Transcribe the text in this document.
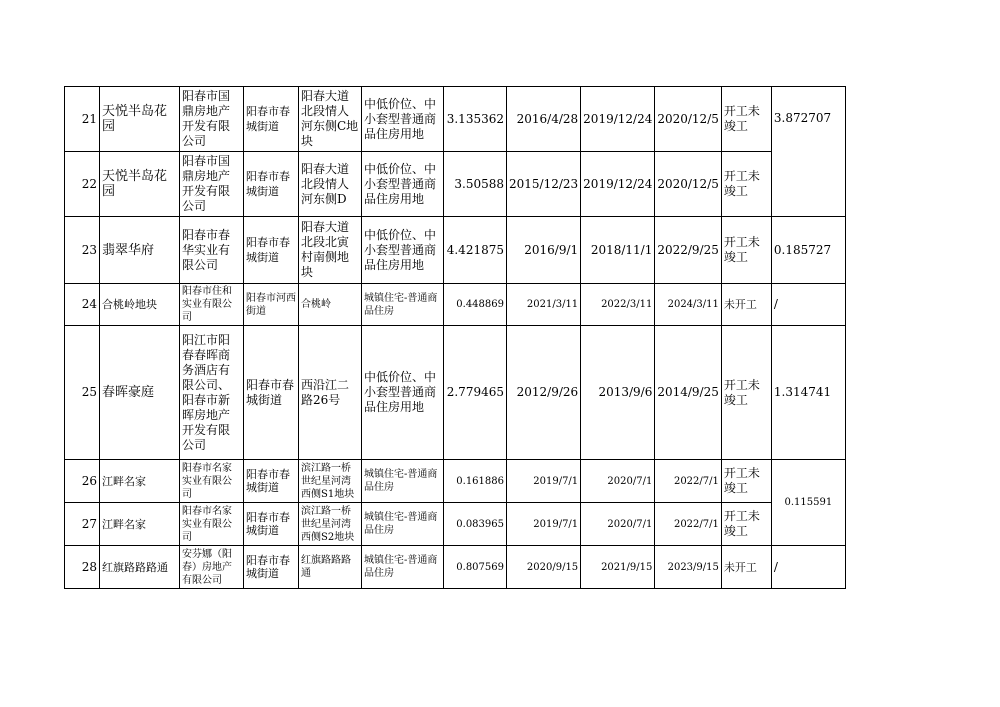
21	天悦半岛花园	阳春市国鼎房地产开发有限公司	阳春市春城街道	阳春大道北段情人河东侧C地块	中低价位、中小套型普通商品住房用地	3.135362	2016/4/28	2019/12/24	2020/12/5	开工未竣工	3.872707
22	天悦半岛花园	阳春市国鼎房地产开发有限公司	阳春市春城街道	阳春大道北段情人河东侧D	中低价位、中小套型普通商品住房用地	3.50588	2015/12/23	2019/12/24	2020/12/5	开工未竣工	
23	翡翠华府	阳春市春华实业有限公司	阳春市春城街道	阳春大道北段北寅村南侧地块	中低价位、中小套型普通商品住房用地	4.421875	2016/9/1	2018/11/1	2022/9/25	开工未竣工	0.185727
24	合桃岭地块	阳春市住和实业有限公司	阳春市河西街道	合桃岭	城镇住宅-普通商品住房	0.448869	2021/3/11	2022/3/11	2024/3/11	未开工	/
25	春晖豪庭	阳江市阳春春晖商务酒店有限公司、阳春市新晖房地产开发有限公司	阳春市春城街道	西沿江二路26号	中低价位、中小套型普通商品住房用地	2.779465	2012/9/26	2013/9/6	2014/9/25	开工未竣工	1.314741
26	江畔名家	阳春市名家实业有限公司	阳春市春城街道	滨江路一桥世纪星河湾西侧S1地块	城镇住宅-普通商品住房	0.161886	2019/7/1	2020/7/1	2022/7/1	开工未竣工	0.115591
27	江畔名家	阳春市名家实业有限公司	阳春市春城街道	滨江路一桥世纪星河湾西侧S2地块	城镇住宅-普通商品住房	0.083965	2019/7/1	2020/7/1	2022/7/1	开工未竣工	
28	红旗路路路通	安芬娜（阳春）房地产有限公司	阳春市春城街道	红旗路路路通	城镇住宅-普通商品住房	0.807569	2020/9/15	2021/9/15	2023/9/15	未开工	/
